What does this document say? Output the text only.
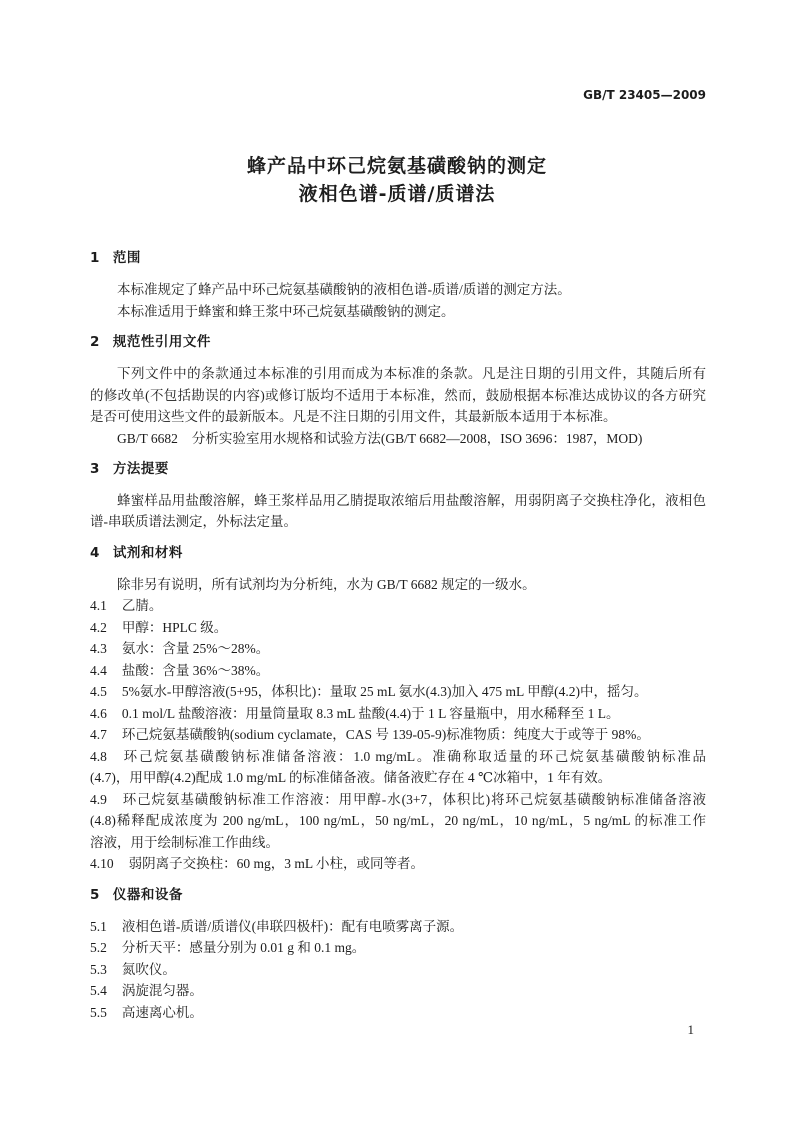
GB/T 23405—2009
蜂产品中环己烷氨基磺酸钠的测定
液相色谱-质谱/质谱法
1 范围
本标准规定了蜂产品中环己烷氨基磺酸钠的液相色谱-质谱/质谱的测定方法。
本标准适用于蜂蜜和蜂王浆中环己烷氨基磺酸钠的测定。
2 规范性引用文件
下列文件中的条款通过本标准的引用而成为本标准的条款。凡是注日期的引用文件，其随后所有
的修改单(不包括勘误的内容)或修订版均不适用于本标准，然而，鼓励根据本标准达成协议的各方研究
是否可使用这些文件的最新版本。凡是不注日期的引用文件，其最新版本适用于本标准。
GB/T 6682 分析实验室用水规格和试验方法(GB/T 6682—2008，ISO 3696：1987，MOD)
3 方法提要
蜂蜜样品用盐酸溶解，蜂王浆样品用乙腈提取浓缩后用盐酸溶解，用弱阴离子交换柱净化，液相色
谱-串联质谱法测定，外标法定量。
4 试剂和材料
除非另有说明，所有试剂均为分析纯，水为 GB/T 6682 规定的一级水。
4.1 乙腈。
4.2 甲醇：HPLC 级。
4.3 氨水：含量 25%～28%。
4.4 盐酸：含量 36%～38%。
4.5 5%氨水-甲醇溶液(5+95，体积比)：量取 25 mL 氨水(4.3)加入 475 mL 甲醇(4.2)中，摇匀。
4.6 0.1 mol/L 盐酸溶液：用量筒量取 8.3 mL 盐酸(4.4)于 1 L 容量瓶中，用水稀释至 1 L。
4.7 环己烷氨基磺酸钠(sodium cyclamate，CAS 号 139-05-9)标准物质：纯度大于或等于 98%。
4.8 环己烷氨基磺酸钠标准储备溶液：1.0 mg/mL。准确称取适量的环己烷氨基磺酸钠标准品
(4.7)，用甲醇(4.2)配成 1.0 mg/mL 的标准储备液。储备液贮存在 4 ℃冰箱中，1 年有效。
4.9 环己烷氨基磺酸钠标准工作溶液：用甲醇-水(3+7，体积比)将环己烷氨基磺酸钠标准储备溶液
(4.8)稀释配成浓度为 200 ng/mL，100 ng/mL，50 ng/mL，20 ng/mL，10 ng/mL，5 ng/mL 的标准工作
溶液，用于绘制标准工作曲线。
4.10 弱阴离子交换柱：60 mg，3 mL 小柱，或同等者。
5 仪器和设备
5.1 液相色谱-质谱/质谱仪(串联四极杆)：配有电喷雾离子源。
5.2 分析天平：感量分别为 0.01 g 和 0.1 mg。
5.3 氮吹仪。
5.4 涡旋混匀器。
5.5 高速离心机。
1
